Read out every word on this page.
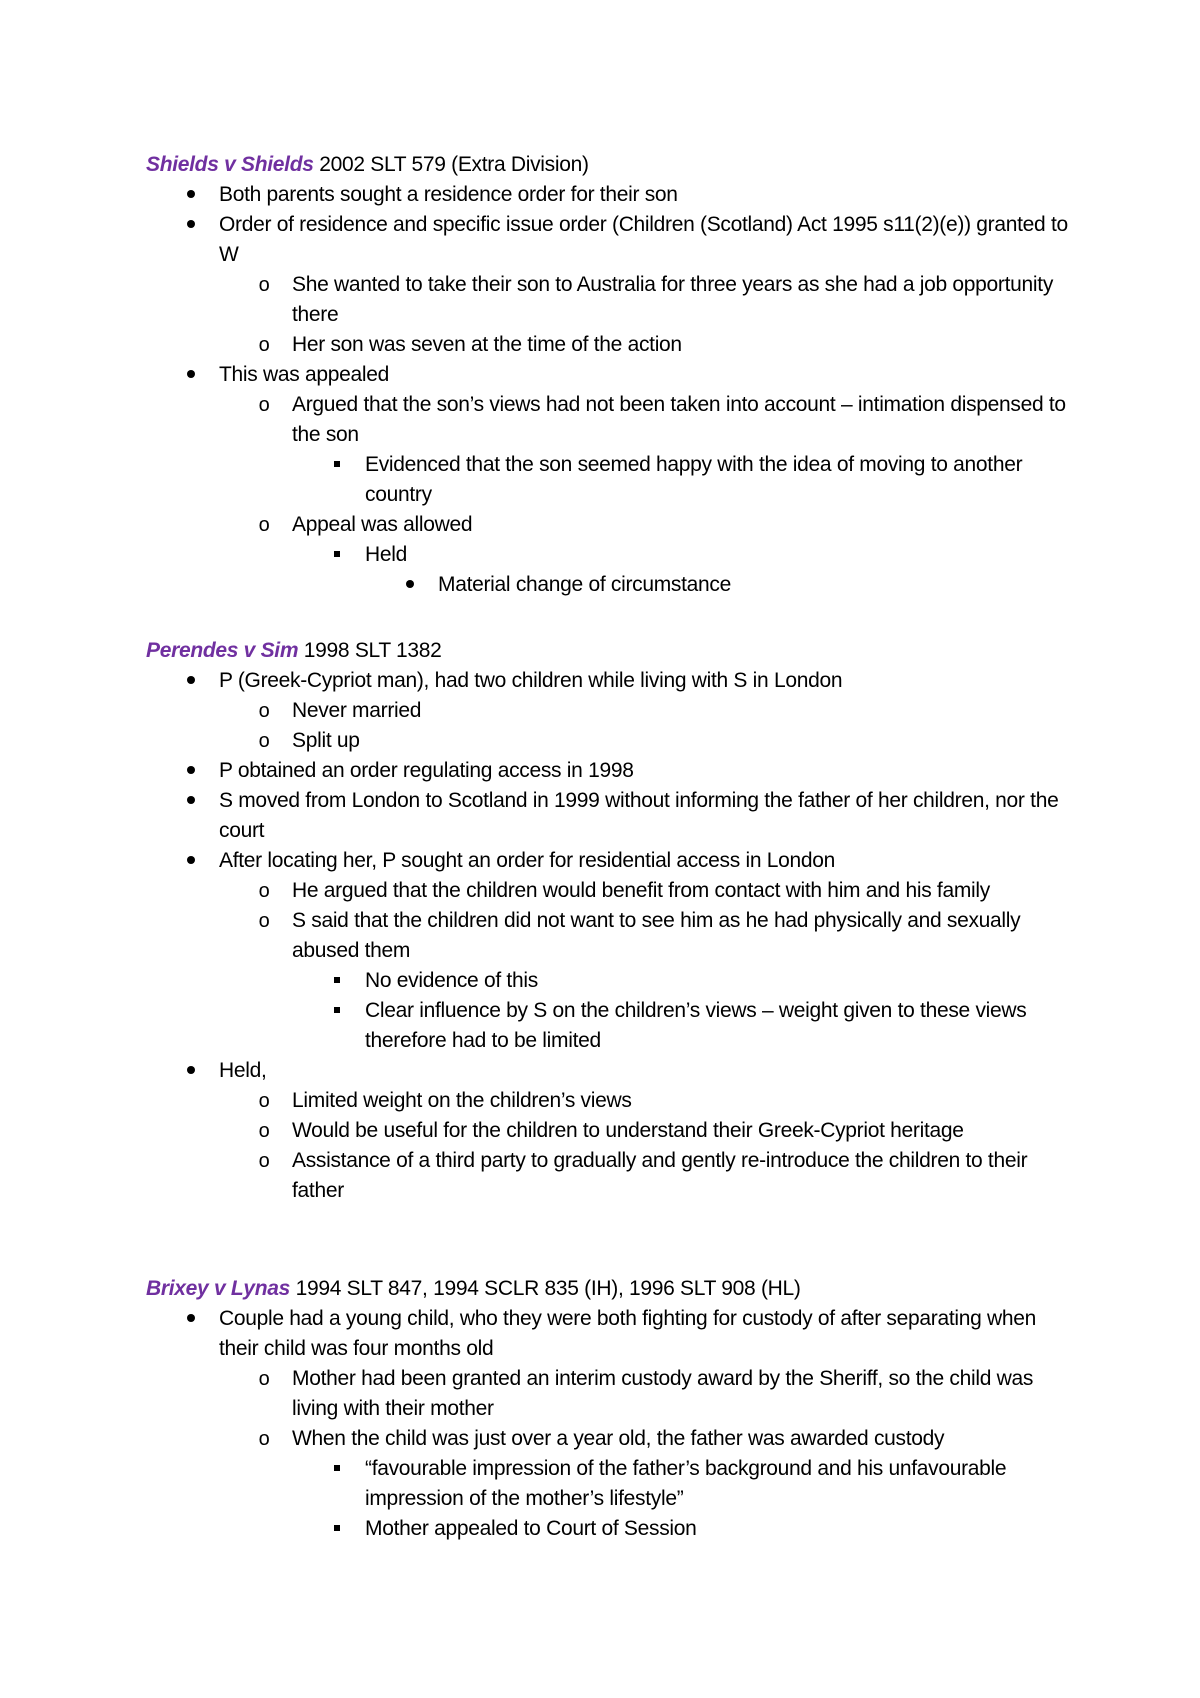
Shields v Shields 2002 SLT 579 (Extra Division)

Both parents sought a residence order for their son
Order of residence and specific issue order (Children (Scotland) Act 1995 s11(2)(e)) granted to W
o	She wanted to take their son to Australia for three years as she had a job opportunity there
o	Her son was seven at the time of the action
This was appealed
o	Argued that the son’s views had not been taken into account – intimation dispensed to the son
Evidenced that the son seemed happy with the idea of moving to another country
o	Appeal was allowed
Held
Material change of circumstance

Perendes v Sim 1998 SLT 1382

P (Greek-Cypriot man), had two children while living with S in London
o	Never married
o	Split up
P obtained an order regulating access in 1998
S moved from London to Scotland in 1999 without informing the father of her children, nor the court
After locating her, P sought an order for residential access in London
o	He argued that the children would benefit from contact with him and his family
o	S said that the children did not want to see him as he had physically and sexually abused them
No evidence of this
Clear influence by S on the children’s views – weight given to these views therefore had to be limited
Held,
o	Limited weight on the children’s views
o	Would be useful for the children to understand their Greek-Cypriot heritage
o	Assistance of a third party to gradually and gently re-introduce the children to their father

Brixey v Lynas 1994 SLT 847, 1994 SCLR 835 (IH), 1996 SLT 908 (HL)

Couple had a young child, who they were both fighting for custody of after separating when their child was four months old
o	Mother had been granted an interim custody award by the Sheriff, so the child was living with their mother
o	When the child was just over a year old, the father was awarded custody
“favourable impression of the father’s background and his unfavourable impression of the mother’s lifestyle”
Mother appealed to Court of Session
